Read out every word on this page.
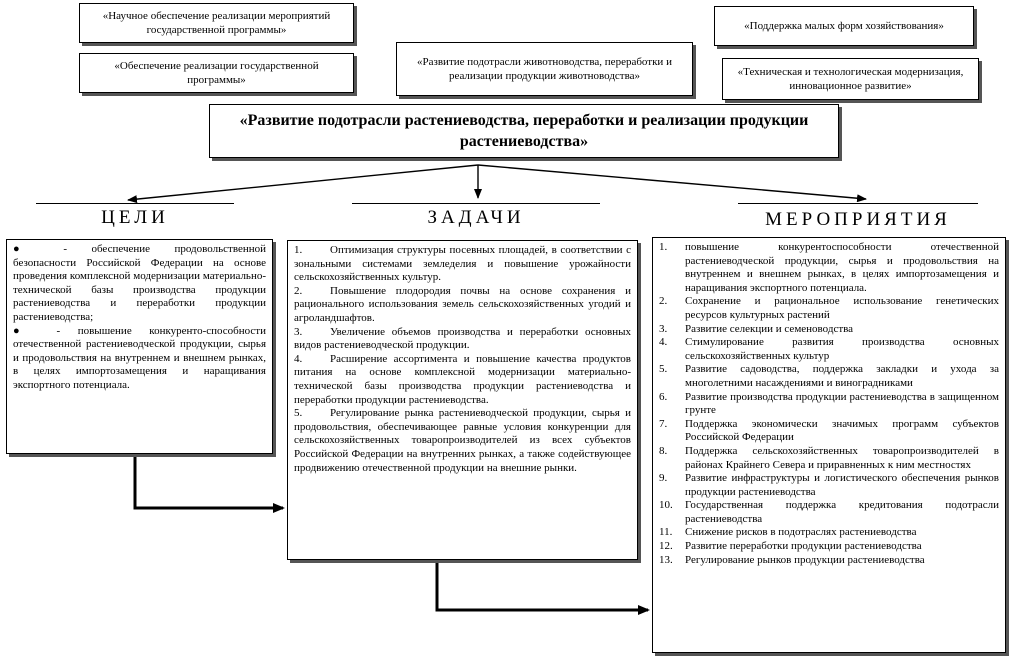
«Научное обеспечение реализации мероприятий государственной программы»
«Обеспечение реализации государственной программы»
«Развитие подотрасли животноводства, переработки и реализации продукции животноводства»
«Поддержка малых форм хозяйствования»
«Техническая и технологическая модернизация, инновационное развитие»
«Развитие подотрасли растениеводства, переработки и реализации продукции растениеводства»
ЦЕЛИ	ЗАДАЧИ	МЕРОПРИЯТИЯ
● - обеспечение продовольственной безопасности Российской Федерации на основе проведения комплексной модернизации материально-технической базы производства продукции растениеводства и переработки продукции растениеводства;
● - повышение конкуренто-способности отечественной растениеводческой продукции, сырья и продовольствия на внутреннем и внешнем рынках, в целях импортозамещения и наращивания экспортного потенциала.
1.	Оптимизация структуры посевных площадей, в соответствии с зональными системами земледелия и повышение урожайности сельскохозяйственных культур.
2.	Повышение плодородия почвы на основе сохранения и рационального использования земель сельскохозяйственных угодий и агроландшафтов.
3.	Увеличение объемов производства и переработки основных видов растениеводческой продукции.
4.	Расширение ассортимента и повышение качества продуктов питания на основе комплексной модернизации материально-технической базы производства продукции растениеводства и переработки продукции растениеводства.
5.	Регулирование рынка растениеводческой продукции, сырья и продовольствия, обеспечивающее равные условия конкуренции для сельскохозяйственных товаропроизводителей из всех субъектов Российской Федерации на внутренних рынках, а также содействующее продвижению отечественной продукции на внешние рынки.
1.	повышение конкурентоспособности отечественной растениеводческой продукции, сырья и продовольствия на внутреннем и внешнем рынках, в целях импортозамещения и наращивания экспортного потенциала.
2.	Сохранение и рациональное использование генетических ресурсов культурных растений
3.	Развитие селекции и семеноводства
4.	Стимулирование развития производства основных сельскохозяйственных культур
5.	Развитие садоводства, поддержка закладки и ухода за многолетними насаждениями и виноградниками
6.	Развитие производства продукции растениеводства в защищенном грунте
7.	Поддержка экономически значимых программ субъектов Российской Федерации
8.	Поддержка сельскохозяйственных товаропроизводителей в районах Крайнего Севера и приравненных к ним местностях
9.	Развитие инфраструктуры и логистического обеспечения рынков продукции растениеводства
10.	Государственная поддержка кредитования подотрасли растениеводства
11.	Снижение рисков в подотраслях растениеводства
12.	Развитие переработки продукции растениеводства
13.	Регулирование рынков продукции растениеводства
